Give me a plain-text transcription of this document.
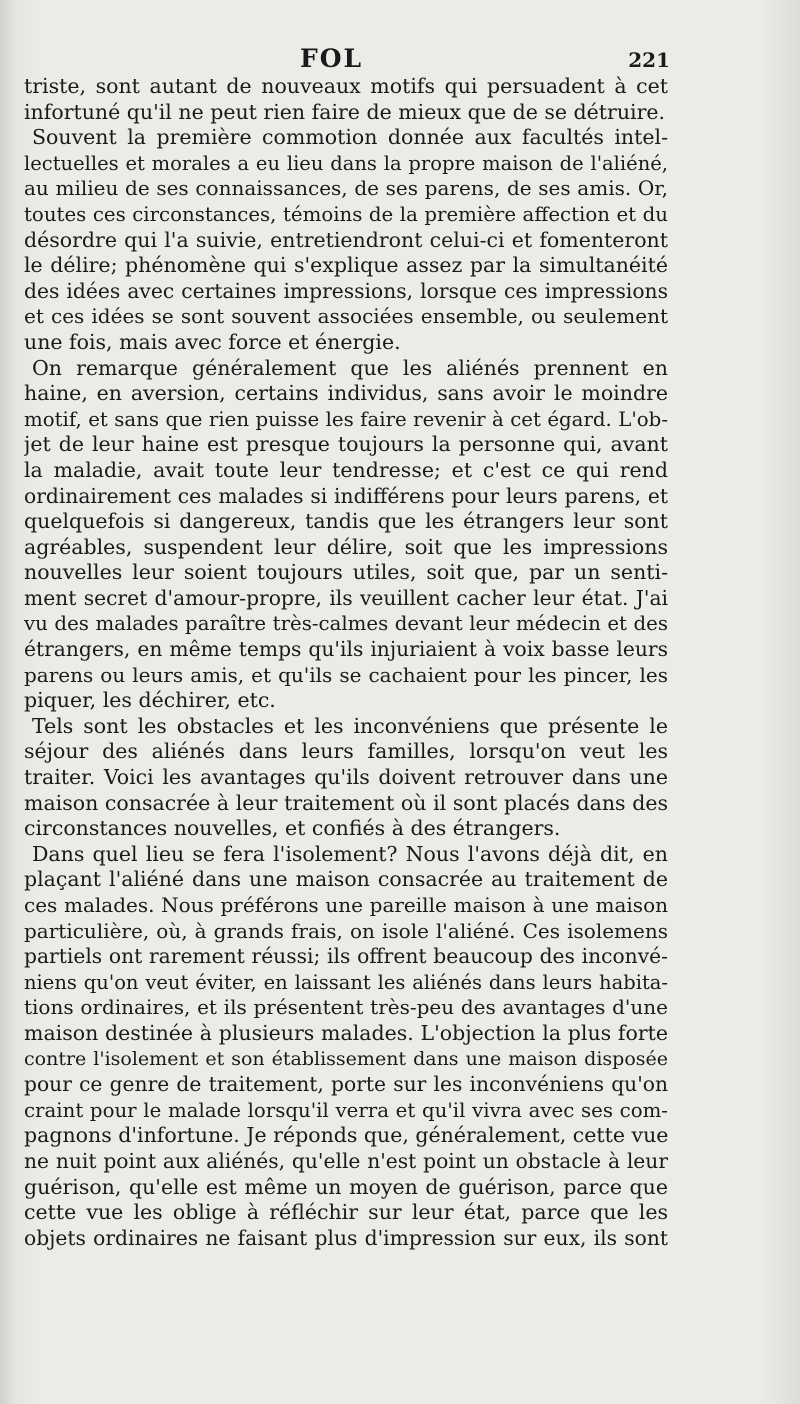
FOL	221
triste, sont autant de nouveaux motifs qui persuadent à cet
infortuné qu'il ne peut rien faire de mieux que de se détruire.
Souvent la première commotion donnée aux facultés intel-
lectuelles et morales a eu lieu dans la propre maison de l'aliéné,
au milieu de ses connaissances, de ses parens, de ses amis. Or,
toutes ces circonstances, témoins de la première affection et du
désordre qui l'a suivie, entretiendront celui-ci et fomenteront
le délire; phénomène qui s'explique assez par la simultanéité
des idées avec certaines impressions, lorsque ces impressions
et ces idées se sont souvent associées ensemble, ou seulement
une fois, mais avec force et énergie.
On remarque généralement que les aliénés prennent en
haine, en aversion, certains individus, sans avoir le moindre
motif, et sans que rien puisse les faire revenir à cet égard. L'ob-
jet de leur haine est presque toujours la personne qui, avant
la maladie, avait toute leur tendresse; et c'est ce qui rend
ordinairement ces malades si indifférens pour leurs parens, et
quelquefois si dangereux, tandis que les étrangers leur sont
agréables, suspendent leur délire, soit que les impressions
nouvelles leur soient toujours utiles, soit que, par un senti-
ment secret d'amour-propre, ils veuillent cacher leur état. J'ai
vu des malades paraître très-calmes devant leur médecin et des
étrangers, en même temps qu'ils injuriaient à voix basse leurs
parens ou leurs amis, et qu'ils se cachaient pour les pincer, les
piquer, les déchirer, etc.
Tels sont les obstacles et les inconvéniens que présente le
séjour des aliénés dans leurs familles, lorsqu'on veut les
traiter. Voici les avantages qu'ils doivent retrouver dans une
maison consacrée à leur traitement où il sont placés dans des
circonstances nouvelles, et confiés à des étrangers.
Dans quel lieu se fera l'isolement? Nous l'avons déjà dit, en
plaçant l'aliéné dans une maison consacrée au traitement de
ces malades. Nous préférons une pareille maison à une maison
particulière, où, à grands frais, on isole l'aliéné. Ces isolemens
partiels ont rarement réussi; ils offrent beaucoup des inconvé-
niens qu'on veut éviter, en laissant les aliénés dans leurs habita-
tions ordinaires, et ils présentent très-peu des avantages d'une
maison destinée à plusieurs malades. L'objection la plus forte
contre l'isolement et son établissement dans une maison disposée
pour ce genre de traitement, porte sur les inconvéniens qu'on
craint pour le malade lorsqu'il verra et qu'il vivra avec ses com-
pagnons d'infortune. Je réponds que, généralement, cette vue
ne nuit point aux aliénés, qu'elle n'est point un obstacle à leur
guérison, qu'elle est même un moyen de guérison, parce que
cette vue les oblige à réfléchir sur leur état, parce que les
objets ordinaires ne faisant plus d'impression sur eux, ils sont
